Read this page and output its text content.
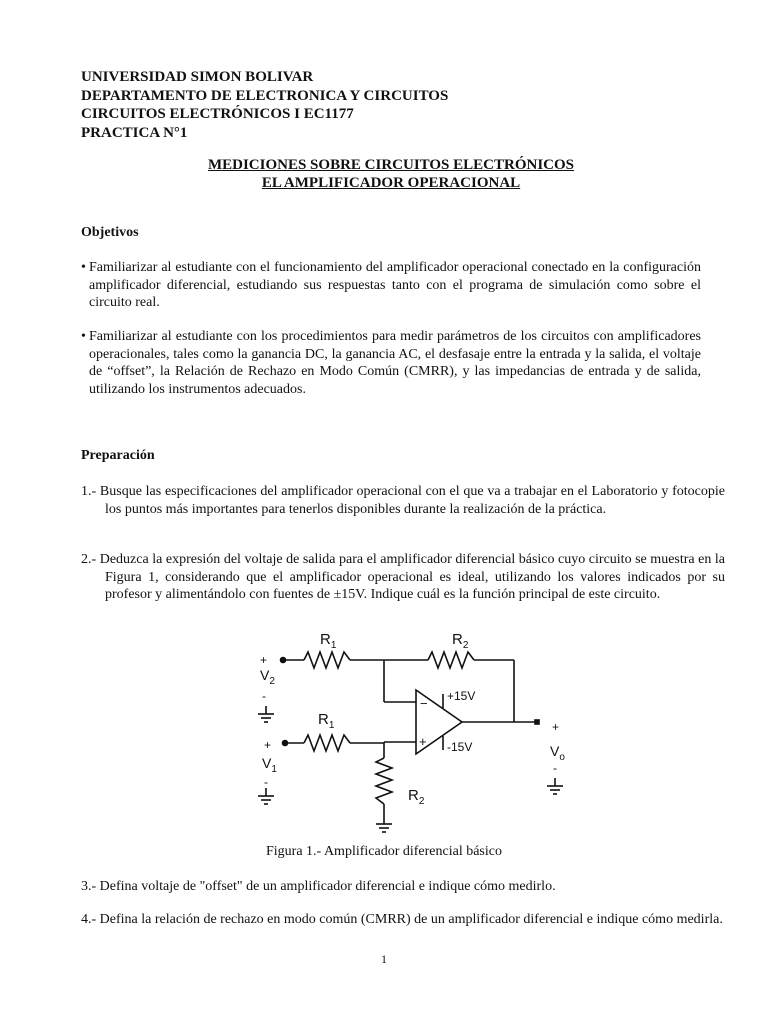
UNIVERSIDAD SIMON BOLIVAR
DEPARTAMENTO DE ELECTRONICA Y CIRCUITOS
CIRCUITOS ELECTRÓNICOS I EC1177
PRACTICA N°1
MEDICIONES SOBRE CIRCUITOS ELECTRÓNICOS
EL AMPLIFICADOR OPERACIONAL
Objetivos
• Familiarizar al estudiante con el funcionamiento del amplificador operacional conectado en la configuración amplificador diferencial, estudiando sus respuestas tanto con el programa de simulación como sobre el circuito real.
• Familiarizar al estudiante con los procedimientos para medir parámetros de los circuitos con amplificadores operacionales, tales como la ganancia DC, la ganancia AC, el desfasaje entre la entrada y la salida, el voltaje de “offset”, la Relación de Rechazo en Modo Común (CMRR), y las impedancias de entrada y de salida, utilizando los instrumentos adecuados.
Preparación
1.- Busque las especificaciones del amplificador operacional con el que va a trabajar en el Laboratorio y fotocopie los puntos más importantes para tenerlos disponibles durante la realización de la práctica.
2.- Deduzca la expresión del voltaje de salida para el amplificador diferencial básico cuyo circuito se muestra en la Figura 1, considerando que el amplificador operacional es ideal, utilizando los valores indicados por su profesor y alimentándolo con fuentes de ±15V. Indique cuál es la función principal de este circuito.
+
$V_2$
-
$R_1$	$R_2$
−
+
+15V
-15V
+
$V_o$
-
+
$V_1$
-
$R_1$
$R_2$
Figura 1.- Amplificador diferencial básico
3.- Defina voltaje de "offset" de un amplificador diferencial e indique cómo medirlo.
4.- Defina la relación de rechazo en modo común (CMRR) de un amplificador diferencial e indique cómo medirla.
1
